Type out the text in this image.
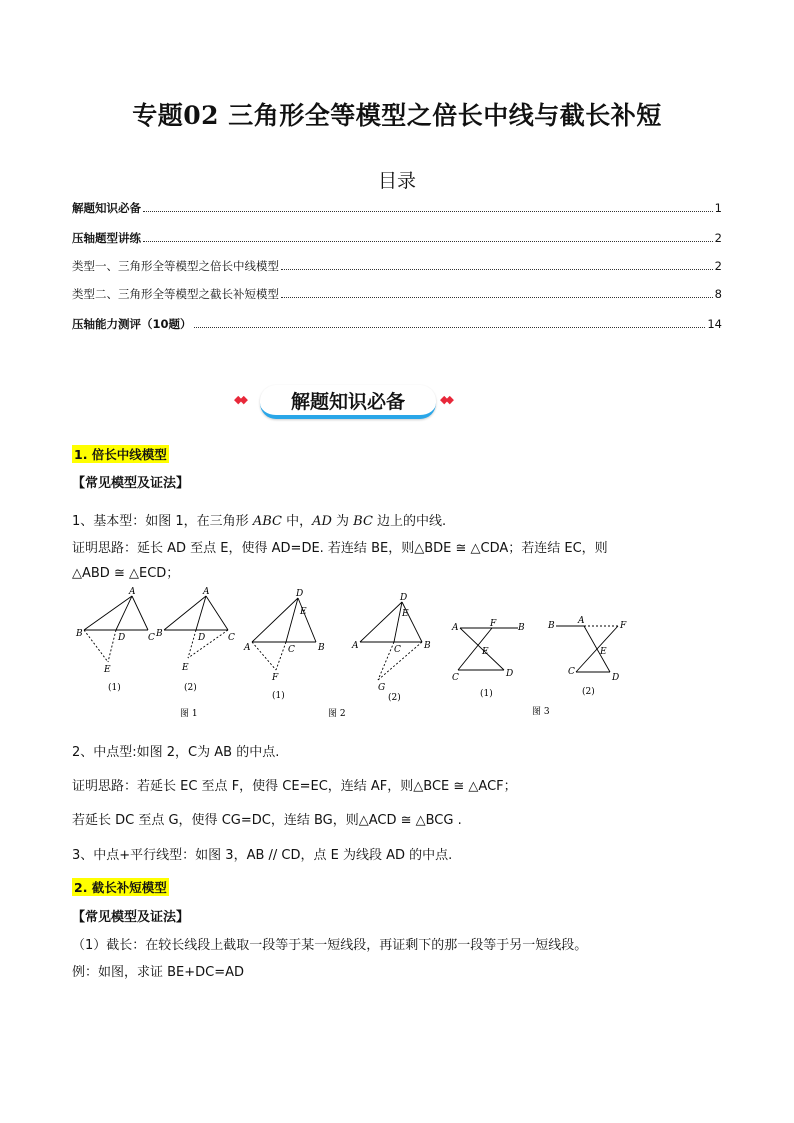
专题02 三角形全等模型之倍长中线与截长补短
目录
解题知识必备	1
压轴题型讲练	2
类型一、三角形全等模型之倍长中线模型	2
类型二、三角形全等模型之截长补短模型	8
压轴能力测评（10题）	14
◆◆	解题知识必备	◆◆
1. 倍长中线模型
【常见模型及证法】
1、基本型：如图 1，在三角形 ABC 中，AD 为 BC 边上的中线.
证明思路：延长 AD 至点 E，使得 AD=DE. 若连结 BE，则△BDE ≅ △CDA；若连结 EC，则
△ABD ≅ △ECD；
A
B	D	C
E
(1)
A
B	D	C
E
(2)
图 1
D
E
A	C	B
F
(1)
图 2
D
E
A	C	B
G
(2)
A	F B
E
C	D
(1)
图 3
B	A	F
E
C
D
(2)
2、中点型:如图 2，C为 AB 的中点.
证明思路：若延长 EC 至点 F，使得 CE=EC，连结 AF，则△BCE ≅ △ACF；
若延长 DC 至点 G，使得 CG=DC，连结 BG，则△ACD ≅ △BCG .
3、中点+平行线型：如图 3，AB // CD，点 E 为线段 AD 的中点.
2. 截长补短模型
【常见模型及证法】
（1）截长：在较长线段上截取一段等于某一短线段，再证剩下的那一段等于另一短线段。
例：如图，求证 BE+DC=AD
